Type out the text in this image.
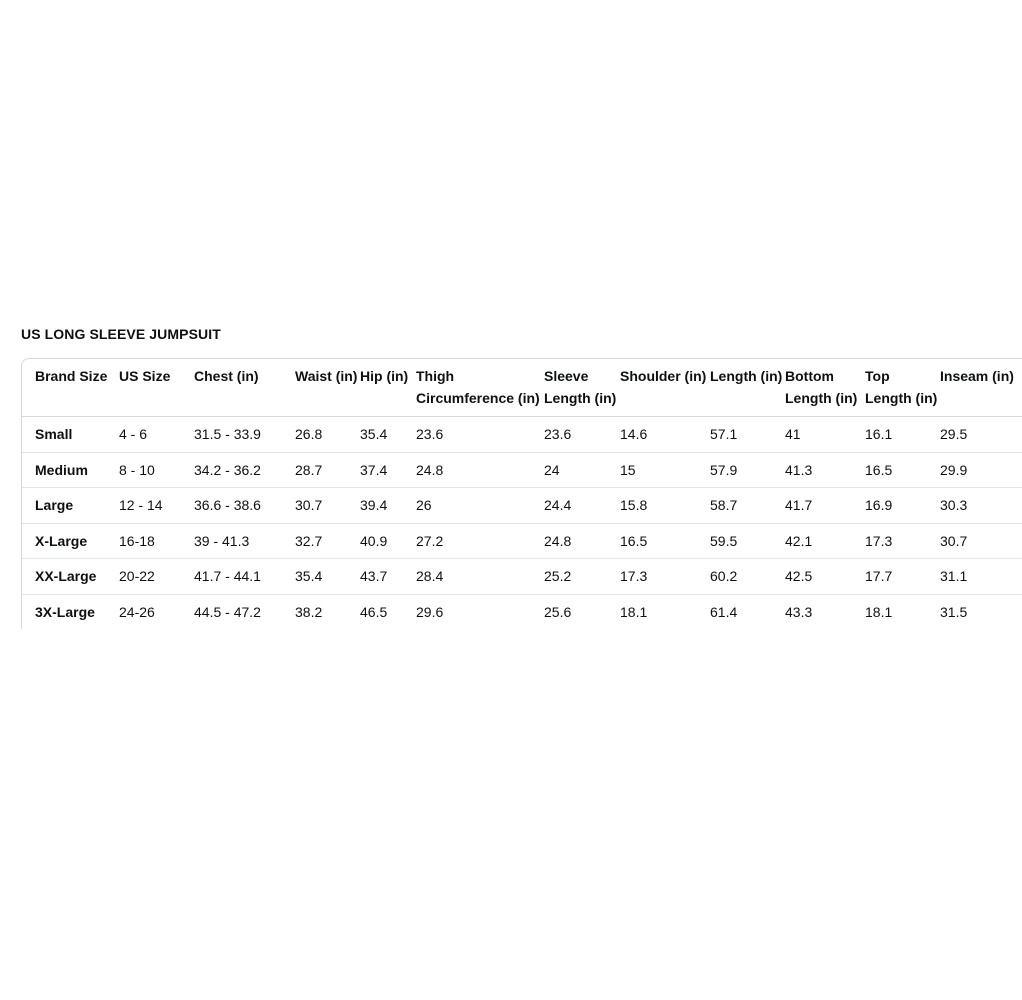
US LONG SLEEVE JUMPSUIT
Brand Size	US Size	Chest (in)	Waist (in)	Hip (in)	Thigh Circumference (in)	Sleeve Length (in)	Shoulder (in)	Length (in)	Bottom Length (in)	Top Length (in)	Inseam (in)
Small	4 - 6	31.5 - 33.9	26.8	35.4	23.6	23.6	14.6	57.1	41	16.1	29.5
Medium	8 - 10	34.2 - 36.2	28.7	37.4	24.8	24	15	57.9	41.3	16.5	29.9
Large	12 - 14	36.6 - 38.6	30.7	39.4	26	24.4	15.8	58.7	41.7	16.9	30.3
X-Large	16-18	39 - 41.3	32.7	40.9	27.2	24.8	16.5	59.5	42.1	17.3	30.7
XX-Large	20-22	41.7 - 44.1	35.4	43.7	28.4	25.2	17.3	60.2	42.5	17.7	31.1
3X-Large	24-26	44.5 - 47.2	38.2	46.5	29.6	25.6	18.1	61.4	43.3	18.1	31.5
